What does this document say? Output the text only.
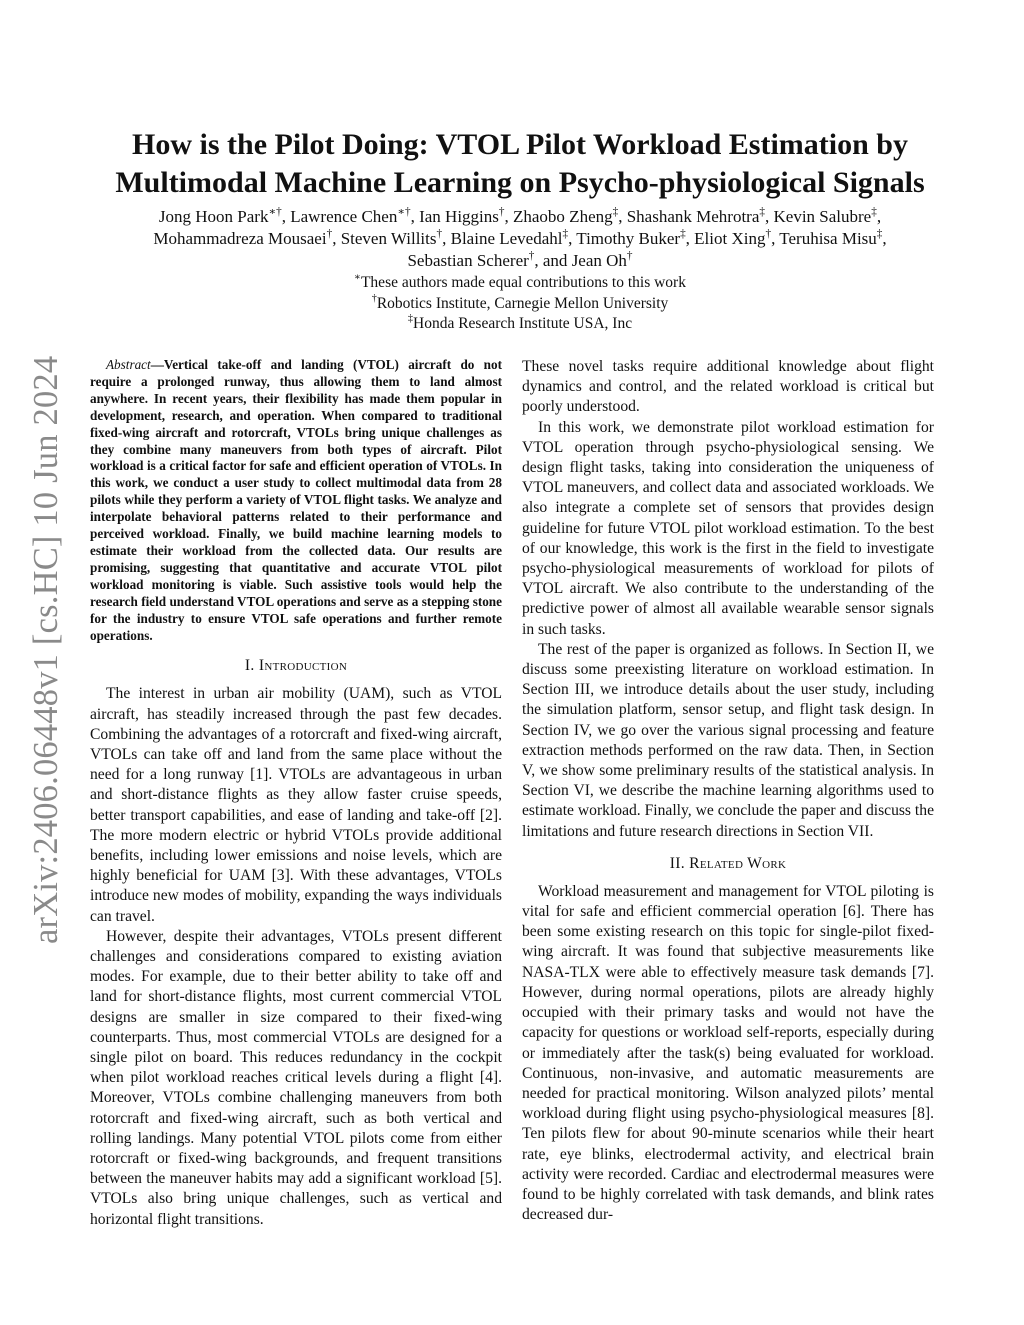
arXiv:2406.06448v1 [cs.HC] 10 Jun 2024
How is the Pilot Doing: VTOL Pilot Workload Estimation by
Multimodal Machine Learning on Psycho-physiological Signals
Jong Hoon Park∗†, Lawrence Chen∗†, Ian Higgins†, Zhaobo Zheng‡, Shashank Mehrotra‡, Kevin Salubre‡,
Mohammadreza Mousaei†, Steven Willits†, Blaine Levedahl‡, Timothy Buker‡, Eliot Xing†, Teruhisa Misu‡,
Sebastian Scherer†, and Jean Oh†
∗These authors made equal contributions to this work
†Robotics Institute, Carnegie Mellon University
‡Honda Research Institute USA, Inc

Abstract—Vertical take-off and landing (VTOL) aircraft do not require a prolonged runway, thus allowing them to land almost anywhere. In recent years, their flexibility has made them popular in development, research, and operation. When compared to traditional fixed-wing aircraft and rotorcraft, VTOLs bring unique challenges as they combine many maneuvers from both types of aircraft. Pilot workload is a critical factor for safe and efficient operation of VTOLs. In this work, we conduct a user study to collect multimodal data from 28 pilots while they perform a variety of VTOL flight tasks. We analyze and interpolate behavioral patterns related to their performance and perceived workload. Finally, we build machine learning models to estimate their workload from the collected data. Our results are promising, suggesting that quantitative and accurate VTOL pilot workload monitoring is viable. Such assistive tools would help the research field understand VTOL operations and serve as a stepping stone for the industry to ensure VTOL safe operations and further remote operations.

I. Introduction

The interest in urban air mobility (UAM), such as VTOL aircraft, has steadily increased through the past few decades. Combining the advantages of a rotorcraft and fixed-wing aircraft, VTOLs can take off and land from the same place without the need for a long runway [1]. VTOLs are advantageous in urban and short-distance flights as they allow faster cruise speeds, better transport capabilities, and ease of landing and take-off [2]. The more modern electric or hybrid VTOLs provide additional benefits, including lower emissions and noise levels, which are highly beneficial for UAM [3]. With these advantages, VTOLs introduce new modes of mobility, expanding the ways individuals can travel.

However, despite their advantages, VTOLs present different challenges and considerations compared to existing aviation modes. For example, due to their better ability to take off and land for short-distance flights, most current commercial VTOL designs are smaller in size compared to their fixed-wing counterparts. Thus, most commercial VTOLs are designed for a single pilot on board. This reduces redundancy in the cockpit when pilot workload reaches critical levels during a flight [4]. Moreover, VTOLs combine challenging maneuvers from both rotorcraft and fixed-wing aircraft, such as both vertical and rolling landings. Many potential VTOL pilots come from either rotorcraft or fixed-wing backgrounds, and frequent transitions between the maneuver habits may add a significant workload [5]. VTOLs also bring unique challenges, such as vertical and horizontal flight transitions.

These novel tasks require additional knowledge about flight dynamics and control, and the related workload is critical but poorly understood.

In this work, we demonstrate pilot workload estimation for VTOL operation through psycho-physiological sensing. We design flight tasks, taking into consideration the uniqueness of VTOL maneuvers, and collect data and associated workloads. We also integrate a complete set of sensors that provides design guideline for future VTOL pilot workload estimation. To the best of our knowledge, this work is the first in the field to investigate psycho-physiological measurements of workload for pilots of VTOL aircraft. We also contribute to the understanding of the predictive power of almost all available wearable sensor signals in such tasks.

The rest of the paper is organized as follows. In Section II, we discuss some preexisting literature on workload estimation. In Section III, we introduce details about the user study, including the simulation platform, sensor setup, and flight task design. In Section IV, we go over the various signal processing and feature extraction methods performed on the raw data. Then, in Section V, we show some preliminary results of the statistical analysis. In Section VI, we describe the machine learning algorithms used to estimate workload. Finally, we conclude the paper and discuss the limitations and future research directions in Section VII.

II. Related Work

Workload measurement and management for VTOL piloting is vital for safe and efficient commercial operation [6]. There has been some existing research on this topic for single-pilot fixed-wing aircraft. It was found that subjective measurements like NASA-TLX were able to effectively measure task demands [7]. However, during normal operations, pilots are already highly occupied with their primary tasks and would not have the capacity for questions or workload self-reports, especially during or immediately after the task(s) being evaluated for workload. Continuous, non-invasive, and automatic measurements are needed for practical monitoring. Wilson analyzed pilots’ mental workload during flight using psycho-physiological measures [8]. Ten pilots flew for about 90-minute scenarios while their heart rate, eye blinks, electrodermal activity, and electrical brain activity were recorded. Cardiac and electrodermal measures were found to be highly correlated with task demands, and blink rates decreased dur-
